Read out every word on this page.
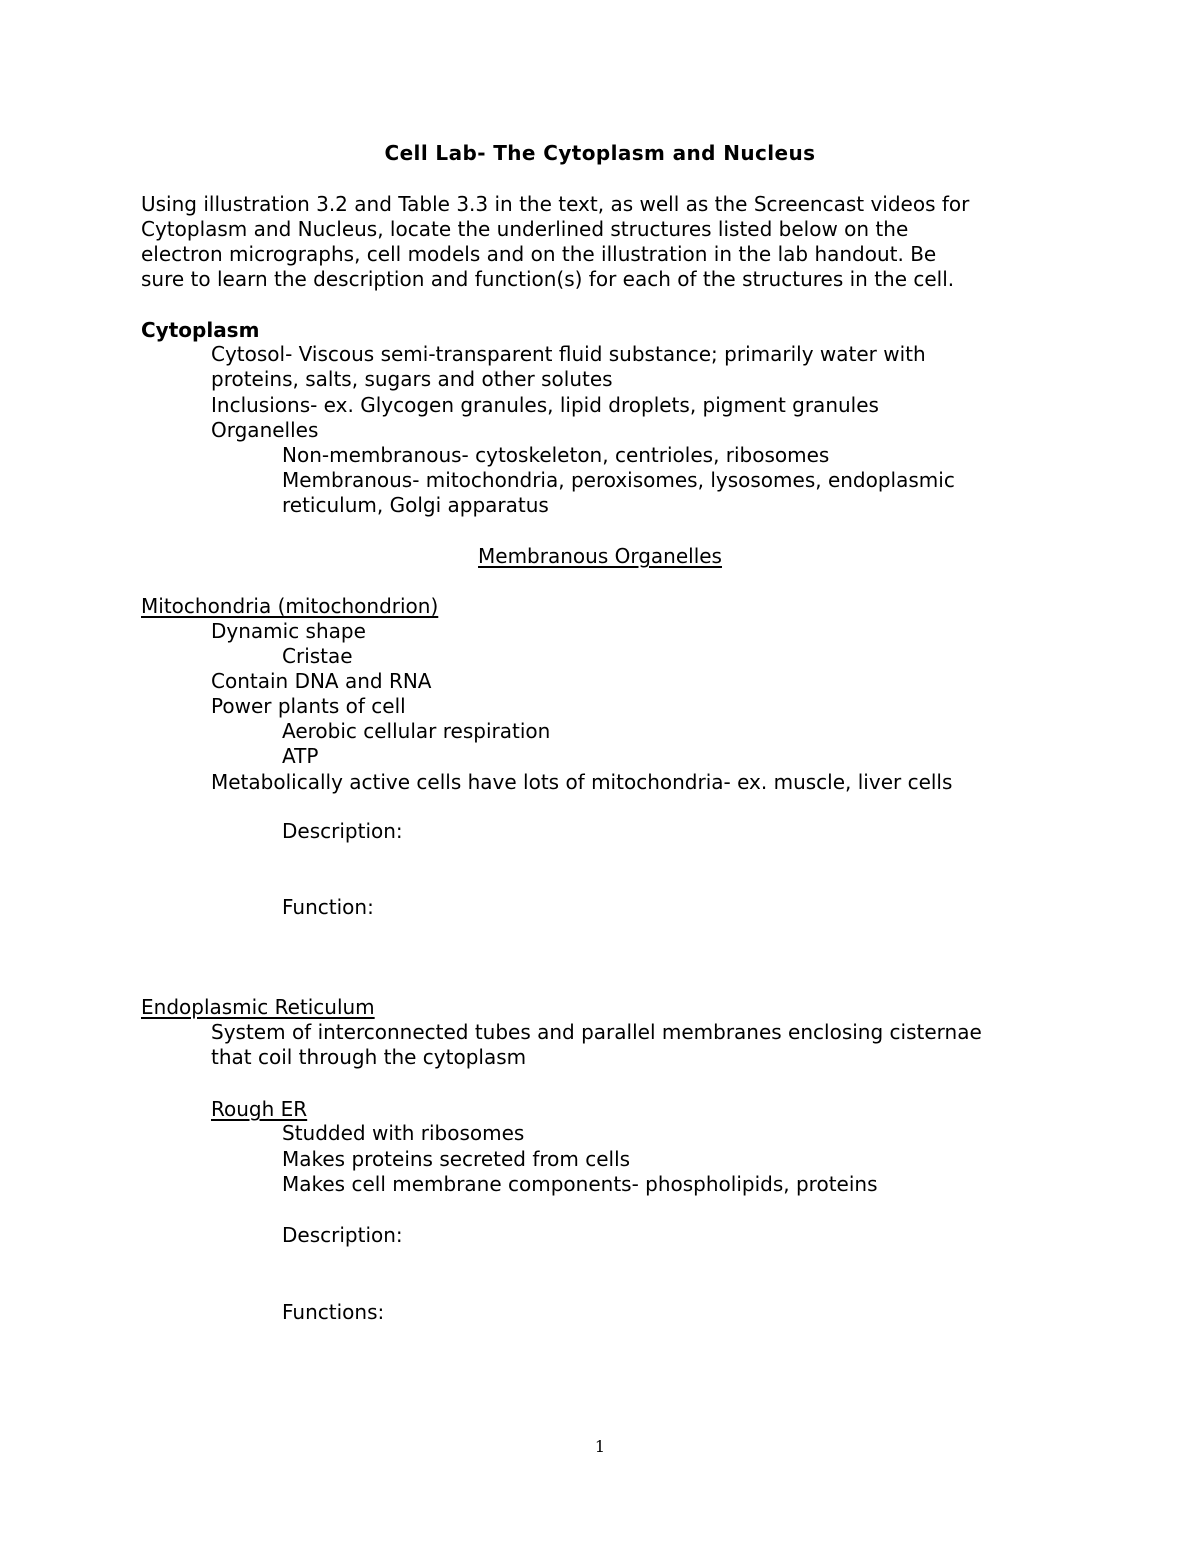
Cell Lab- The Cytoplasm and Nucleus
Using illustration 3.2 and Table 3.3 in the text, as well as the Screencast videos for
Cytoplasm and Nucleus, locate the underlined structures listed below on the
electron micrographs, cell models and on the illustration in the lab handout. Be
sure to learn the description and function(s) for each of the structures in the cell.
Cytoplasm
Cytosol- Viscous semi-transparent fluid substance; primarily water with
proteins, salts, sugars and other solutes
Inclusions- ex. Glycogen granules, lipid droplets, pigment granules
Organelles
Non-membranous- cytoskeleton, centrioles, ribosomes
Membranous- mitochondria, peroxisomes, lysosomes, endoplasmic
reticulum, Golgi apparatus
Membranous Organelles
Mitochondria (mitochondrion)
Dynamic shape
Cristae
Contain DNA and RNA
Power plants of cell
Aerobic cellular respiration
ATP
Metabolically active cells have lots of mitochondria- ex. muscle, liver cells
Description:
Function:
Endoplasmic Reticulum
System of interconnected tubes and parallel membranes enclosing cisternae
that coil through the cytoplasm
Rough ER
Studded with ribosomes
Makes proteins secreted from cells
Makes cell membrane components- phospholipids, proteins
Description:
Functions:
1
